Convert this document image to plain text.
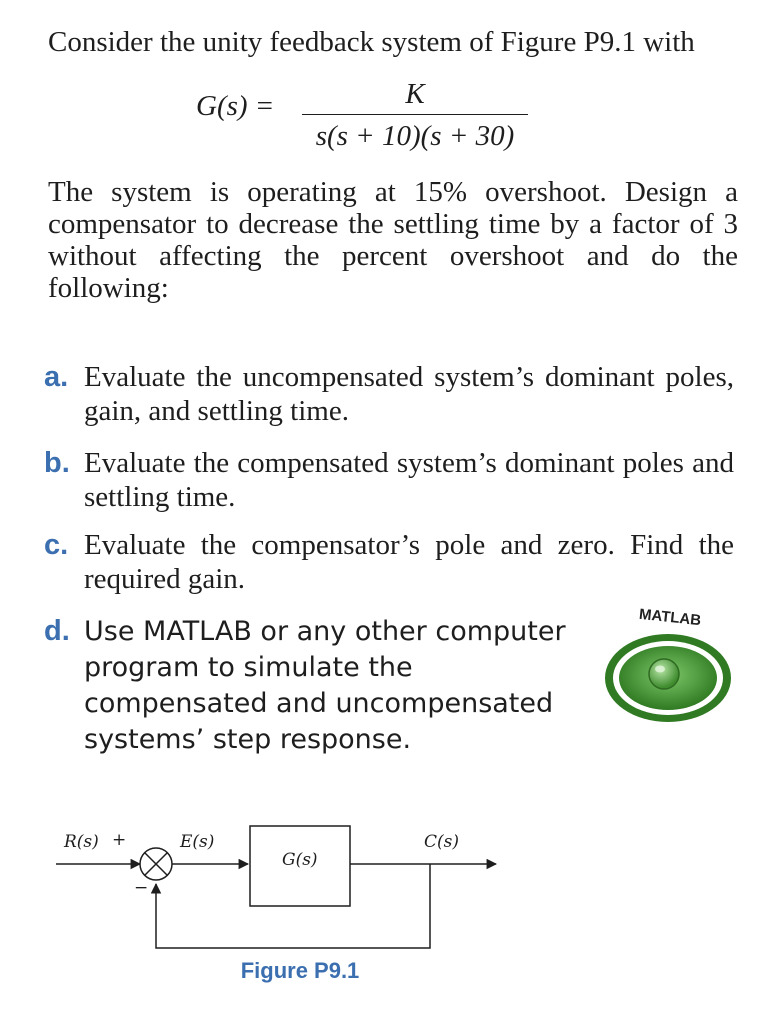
Consider the unity feedback system of Figure P9.1 with

G(s) =	K
s(s + 10)(s + 30)

The system is operating at 15% overshoot. Design a compensator to decrease the settling time by a factor of 3 without affecting the percent overshoot and do the following:

a. Evaluate the uncompensated system’s dominant poles, gain, and settling time.
b. Evaluate the compensated system’s dominant poles and settling time.
c. Evaluate the compensator’s pole and zero. Find the required gain.
d. Use MATLAB or any other computer program to simulate the compensated and uncompensated systems’ step response.
MATLAB
R(s) +
−
E(s)
G(s)
C(s)
Figure P9.1
